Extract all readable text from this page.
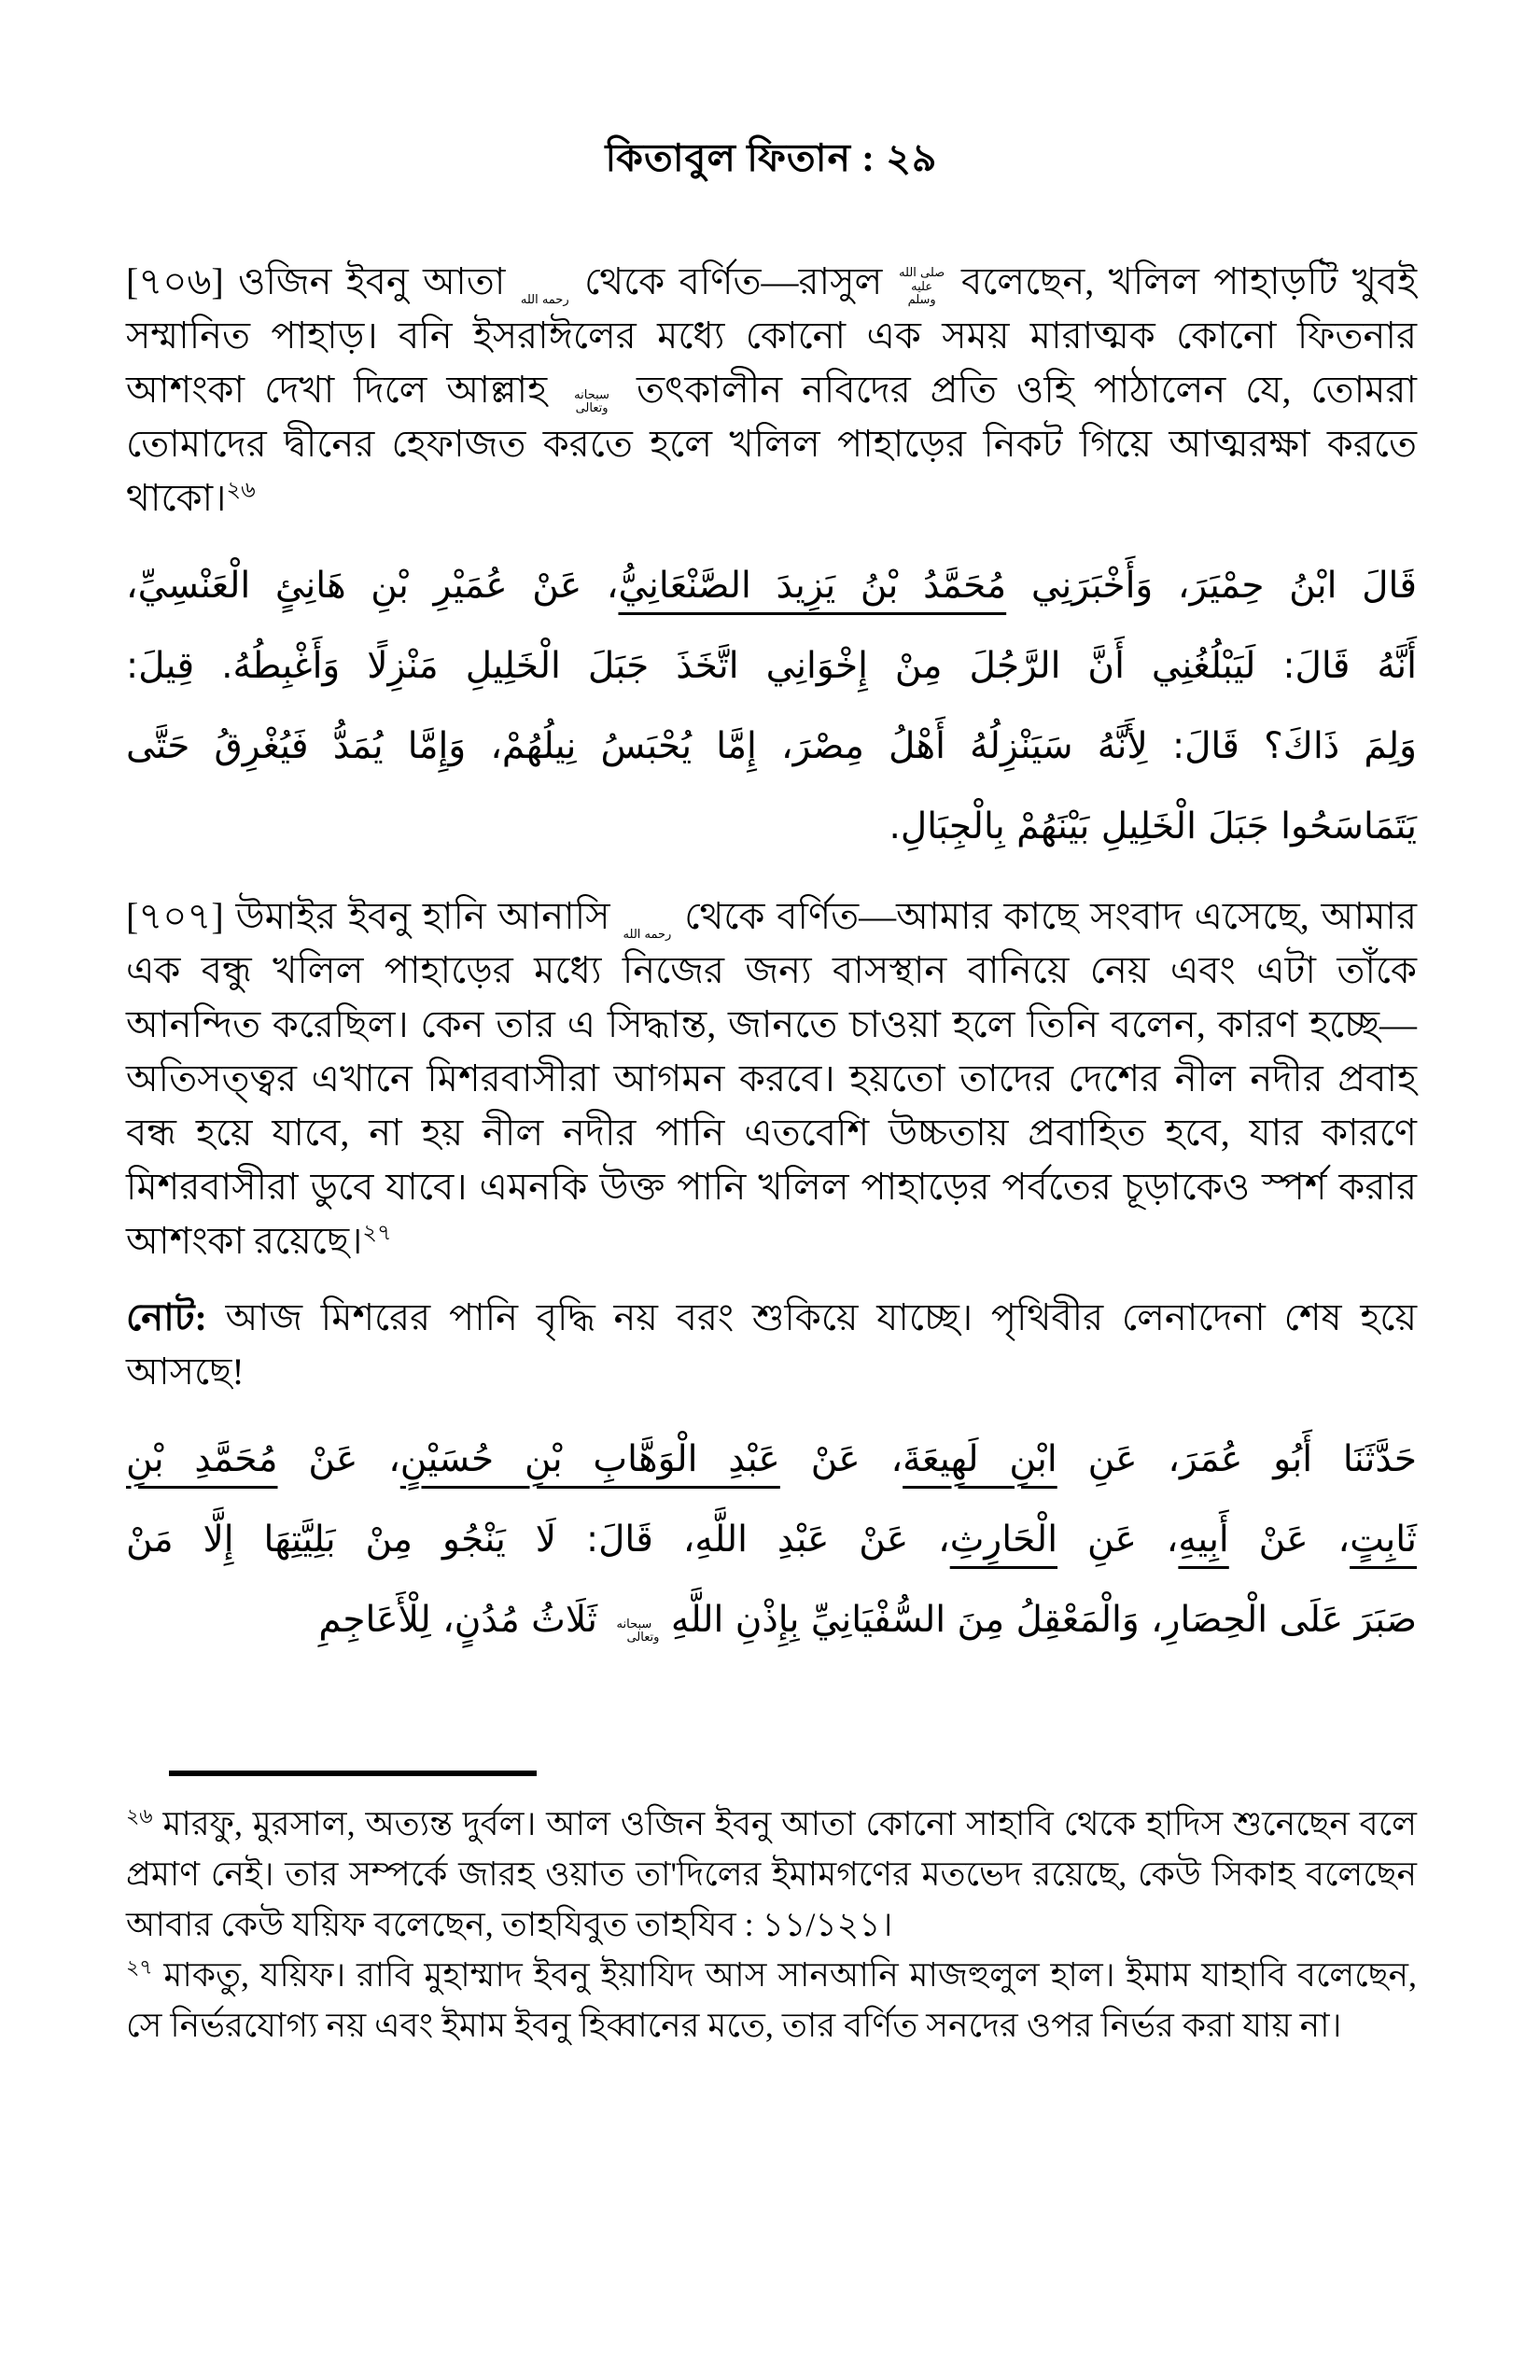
কিতাবুল ফিতান : ২৯

[৭০৬] ওজিন ইবনু আতা رحمه الله থেকে বর্ণিত—রাসুল صلى الله عليه وسلم বলেছেন, খলিল পাহাড়টি খুবই সম্মানিত পাহাড়। বনি ইসরাঈলের মধ্যে কোনো এক সময় মারাত্মক কোনো ফিতনার আশংকা দেখা দিলে আল্লাহ سبحانه وتعالى তৎকালীন নবিদের প্রতি ওহি পাঠালেন যে, তোমরা তোমাদের দ্বীনের হেফাজত করতে হলে খলিল পাহাড়ের নিকট গিয়ে আত্মরক্ষা করতে থাকো।$^{২৬}$

قَالَ ابْنُ حِمْيَرَ، وَأَخْبَرَنِي مُحَمَّدُ بْنُ يَزِيدَ الصَّنْعَانِيُّ، عَنْ عُمَيْرِ بْنِ هَانِئٍ الْعَنْسِيِّ،
أَنَّهُ قَالَ: لَيَبْلُغُنِي أَنَّ الرَّجُلَ مِنْ إِخْوَانِي اتَّخَذَ جَبَلَ الْخَلِيلِ مَنْزِلًا وَأَغْبِطُهُ. قِيلَ:
وَلِمَ ذَاكَ؟ قَالَ: لِأَنَّهُ سَيَنْزِلُهُ أَهْلُ مِصْرَ، إِمَّا يُحْبَسُ نِيلُهُمْ، وَإِمَّا يُمَدُّ فَيُغْرِقُ حَتَّى
يَتَمَاسَحُوا جَبَلَ الْخَلِيلِ بَيْنَهُمْ بِالْجِبَالِ.

[৭০৭] উমাইর ইবনু হানি আনাসি رحمه الله থেকে বর্ণিত—আমার কাছে সংবাদ এসেছে, আমার এক বন্ধু খলিল পাহাড়ের মধ্যে নিজের জন্য বাসস্থান বানিয়ে নেয় এবং এটা তাঁকে আনন্দিত করেছিল। কেন তার এ সিদ্ধান্ত, জানতে চাওয়া হলে তিনি বলেন, কারণ হচ্ছে—অতিসত্ত্বর এখানে মিশরবাসীরা আগমন করবে। হয়তো তাদের দেশের নীল নদীর প্রবাহ বন্ধ হয়ে যাবে, না হয় নীল নদীর পানি এতবেশি উচ্চতায় প্রবাহিত হবে, যার কারণে মিশরবাসীরা ডুবে যাবে। এমনকি উক্ত পানি খলিল পাহাড়ের পর্বতের চূড়াকেও স্পর্শ করার আশংকা রয়েছে।$^{২৭}$

নোট: আজ মিশরের পানি বৃদ্ধি নয় বরং শুকিয়ে যাচ্ছে। পৃথিবীর লেনাদেনা শেষ হয়ে আসছে!

حَدَّثَنَا أَبُو عُمَرَ، عَنِ ابْنِ لَهِيعَةَ، عَنْ عَبْدِ الْوَهَّابِ بْنِ حُسَيْنٍ، عَنْ مُحَمَّدِ بْنِ
ثَابِتٍ، عَنْ أَبِيهِ، عَنِ الْحَارِثِ، عَنْ عَبْدِ اللَّهِ، قَالَ: لَا يَنْجُو مِنْ بَلِيَّتِهَا إِلَّا مَنْ
صَبَرَ عَلَى الْحِصَارِ، وَالْمَعْقِلُ مِنَ السُّفْيَانِيِّ بِإِذْنِ اللَّهِ سبحانه وتعالى ثَلَاثُ مُدُنٍ، لِلْأَعَاجِمِ

$^{২৬}$ মারফু, মুরসাল, অত্যন্ত দুর্বল। আল ওজিন ইবনু আতা কোনো সাহাবি থেকে হাদিস শুনেছেন বলে প্রমাণ নেই। তার সম্পর্কে জারহ ওয়াত তা'দিলের ইমামগণের মতভেদ রয়েছে, কেউ সিকাহ বলেছেন আবার কেউ যয়িফ বলেছেন, তাহযিবুত তাহযিব : ১১/১২১।

$^{২৭}$ মাকতু, যয়িফ। রাবি মুহাম্মাদ ইবনু ইয়াযিদ আস সানআনি মাজহুলুল হাল। ইমাম যাহাবি বলেছেন, সে নির্ভরযোগ্য নয় এবং ইমাম ইবনু হিব্বানের মতে, তার বর্ণিত সনদের ওপর নির্ভর করা যায় না।
